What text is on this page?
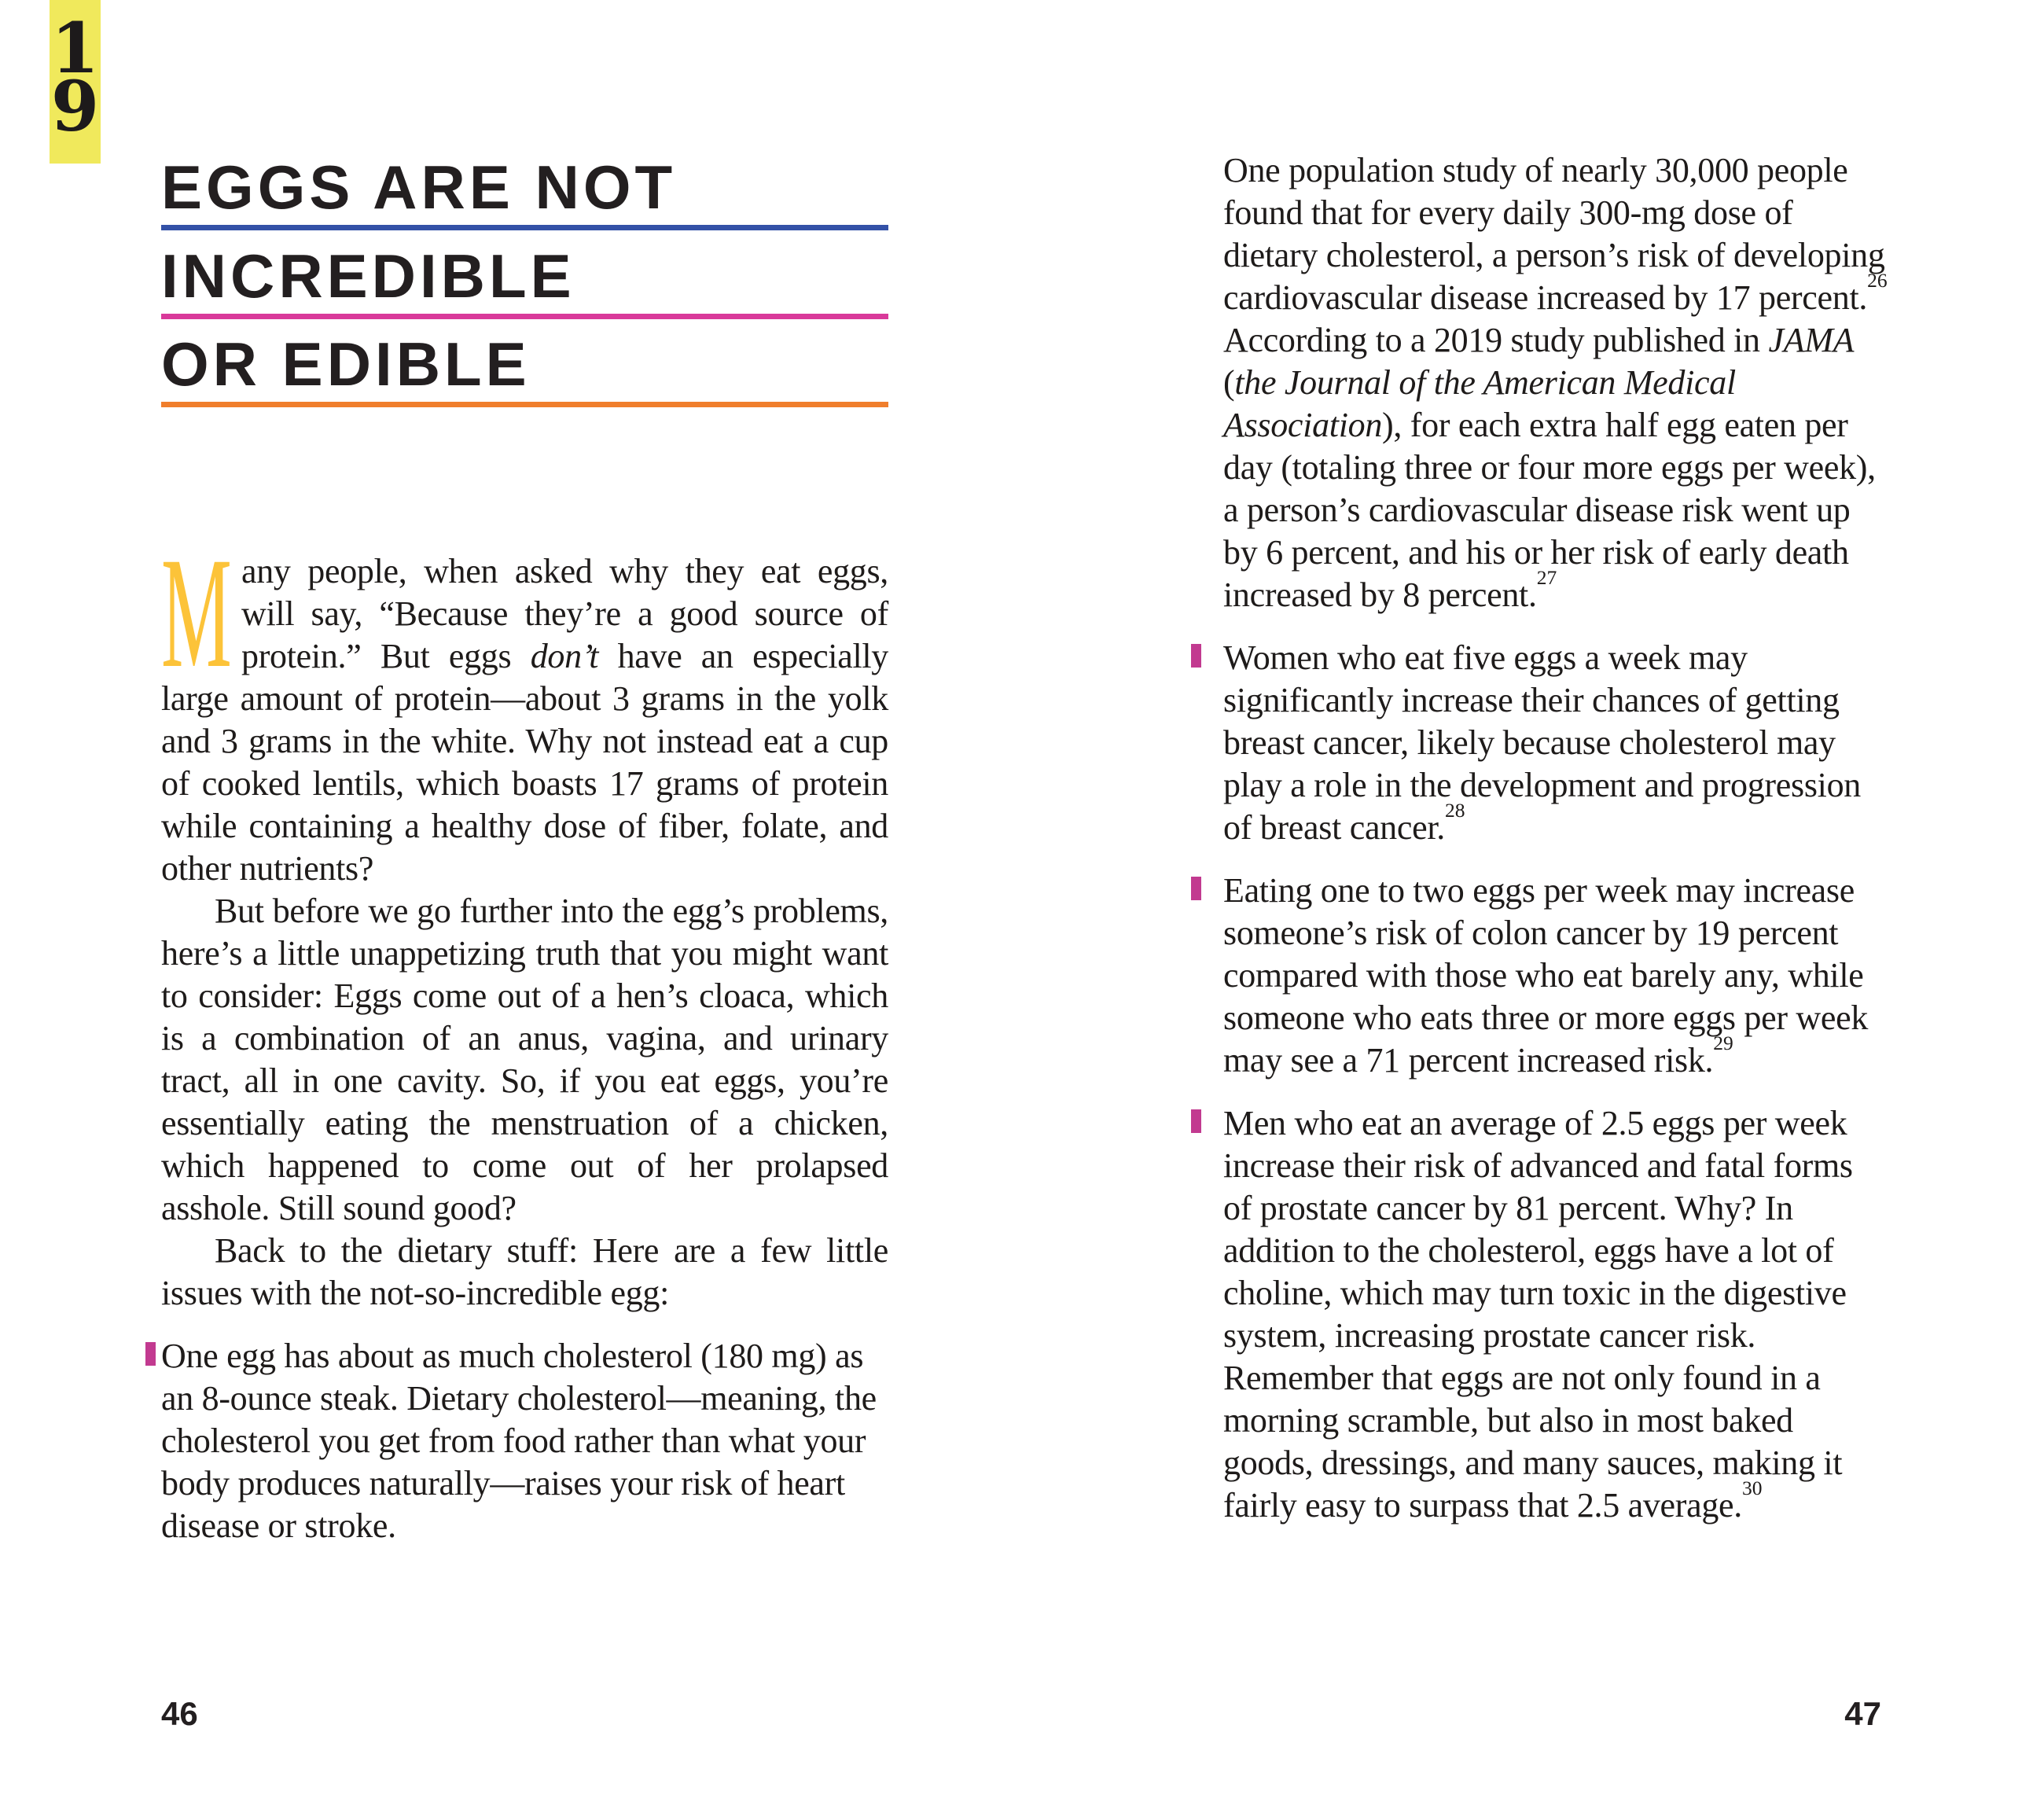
1
9
EGGS ARE NOT
INCREDIBLE
OR EDIBLE

Many people, when asked why they eat eggs, will say, “Because they’re a good source of protein.” But eggs don’t have an especially large amount of protein—about 3 grams in the yolk and 3 grams in the white. Why not instead eat a cup of cooked lentils, which boasts 17 grams of protein while containing a healthy dose of fiber, folate, and other nutrients?

But before we go further into the egg’s problems, here’s a little unappetizing truth that you might want to consider: Eggs come out of a hen’s cloaca, which is a combination of an anus, vagina, and urinary tract, all in one cavity. So, if you eat eggs, you’re essentially eating the menstruation of a chicken, which happened to come out of her prolapsed asshole. Still sound good?

Back to the dietary stuff: Here are a few little issues with the not-so-incredible egg:

One egg has about as much cholesterol (180 mg) as an 8-ounce steak. Dietary cholesterol—meaning, the cholesterol you get from food rather than what your body produces naturally—raises your risk of heart disease or stroke.

46

One population study of nearly 30,000 people found that for every daily 300-mg dose of dietary cholesterol, a person’s risk of developing cardiovascular disease increased by 17 percent.$^{26}$ According to a 2019 study published in JAMA (the Journal of the American Medical Association), for each extra half egg eaten per day (totaling three or four more eggs per week), a person’s cardiovascular disease risk went up by 6 percent, and his or her risk of early death increased by 8 percent.$^{27}$

Women who eat five eggs a week may significantly increase their chances of getting breast cancer, likely because cholesterol may play a role in the development and progression of breast cancer.$^{28}$

Eating one to two eggs per week may increase someone’s risk of colon cancer by 19 percent compared with those who eat barely any, while someone who eats three or more eggs per week may see a 71 percent increased risk.$^{29}$

Men who eat an average of 2.5 eggs per week increase their risk of advanced and fatal forms of prostate cancer by 81 percent. Why? In addition to the cholesterol, eggs have a lot of choline, which may turn toxic in the digestive system, increasing prostate cancer risk. Remember that eggs are not only found in a morning scramble, but also in most baked goods, dressings, and many sauces, making it fairly easy to surpass that 2.5 average.$^{30}$

47
